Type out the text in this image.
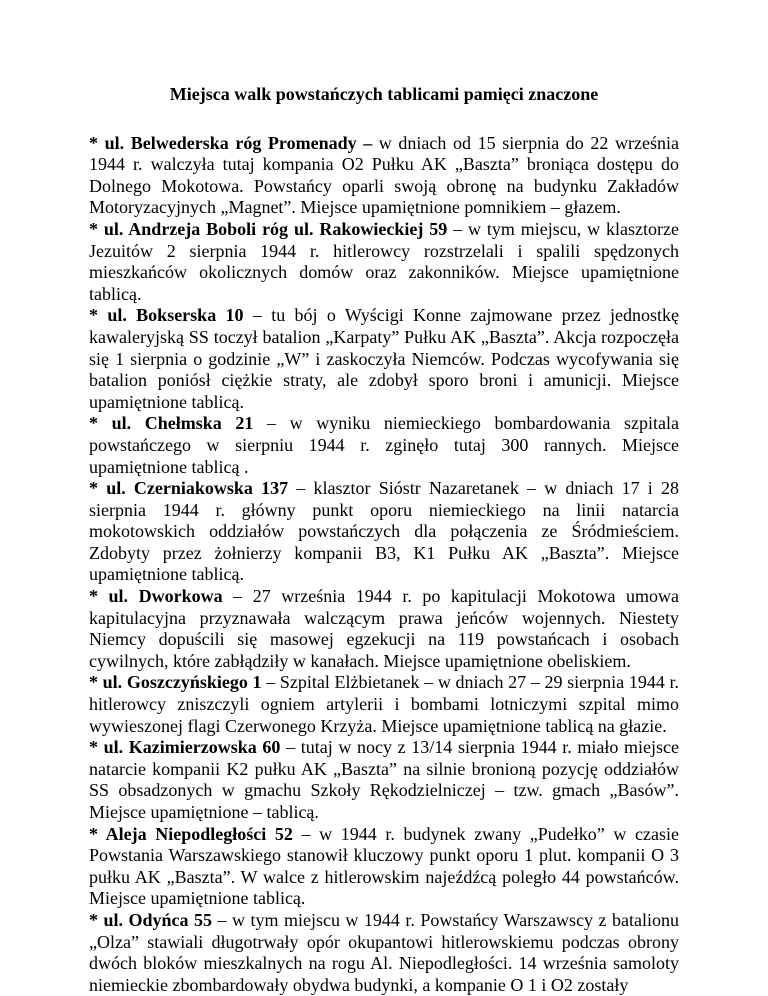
Miejsca walk powstańczych tablicami pamięci znaczone

* ul. Belwederska róg Promenady – w dniach od 15 sierpnia do 22 września 1944 r. walczyła tutaj kompania O2 Pułku AK „Baszta” broniąca dostępu do Dolnego Mokotowa. Powstańcy oparli swoją obronę na budynku Zakładów Motoryzacyjnych „Magnet”. Miejsce upamiętnione pomnikiem – głazem.

* ul. Andrzeja Boboli róg ul. Rakowieckiej 59 – w tym miejscu, w klasztorze Jezuitów 2 sierpnia 1944 r. hitlerowcy rozstrzelali i spalili spędzonych mieszkańców okolicznych domów oraz zakonników. Miejsce upamiętnione tablicą.

* ul. Bokserska 10 – tu bój o Wyścigi Konne zajmowane przez jednostkę kawaleryjską SS toczył batalion „Karpaty” Pułku AK „Baszta”. Akcja rozpoczęła się 1 sierpnia o godzinie „W” i zaskoczyła Niemców. Podczas wycofywania się batalion poniósł ciężkie straty, ale zdobył sporo broni i amunicji. Miejsce upamiętnione tablicą.

* ul. Chełmska 21 – w wyniku niemieckiego bombardowania szpitala powstańczego w sierpniu 1944 r. zginęło tutaj 300 rannych. Miejsce upamiętnione tablicą .

* ul. Czerniakowska 137 – klasztor Sióstr Nazaretanek – w dniach 17 i 28 sierpnia 1944 r. główny punkt oporu niemieckiego na linii natarcia mokotowskich oddziałów powstańczych dla połączenia ze Śródmieściem. Zdobyty przez żołnierzy kompanii B3, K1 Pułku AK „Baszta”. Miejsce upamiętnione tablicą.

* ul. Dworkowa – 27 września 1944 r. po kapitulacji Mokotowa umowa kapitulacyjna przyznawała walczącym prawa jeńców wojennych. Niestety Niemcy dopuścili się masowej egzekucji na 119 powstańcach i osobach cywilnych, które zabłądziły w kanałach. Miejsce upamiętnione obeliskiem.

* ul. Goszczyńskiego 1 – Szpital Elżbietanek – w dniach 27 – 29 sierpnia 1944 r. hitlerowcy zniszczyli ogniem artylerii i bombami lotniczymi szpital mimo wywieszonej flagi Czerwonego Krzyża. Miejsce upamiętnione tablicą na głazie.

* ul. Kazimierzowska 60 – tutaj w nocy z 13/14 sierpnia 1944 r. miało miejsce natarcie kompanii K2 pułku AK „Baszta” na silnie bronioną pozycję oddziałów SS obsadzonych w gmachu Szkoły Rękodzielniczej – tzw. gmach „Basów”. Miejsce upamiętnione – tablicą.

* Aleja Niepodległości 52 – w 1944 r. budynek zwany „Pudełko” w czasie Powstania Warszawskiego stanowił kluczowy punkt oporu 1 plut. kompanii O 3 pułku AK „Baszta”. W walce z hitlerowskim najeźdźcą poległo 44 powstańców. Miejsce upamiętnione tablicą.

* ul. Odyńca 55 – w tym miejscu w 1944 r. Powstańcy Warszawscy z batalionu „Olza” stawiali długotrwały opór okupantowi hitlerowskiemu podczas obrony dwóch bloków mieszkalnych na rogu Al. Niepodległości. 14 września samoloty niemieckie zbombardowały obydwa budynki, a kompanie O 1 i O2 zostały
